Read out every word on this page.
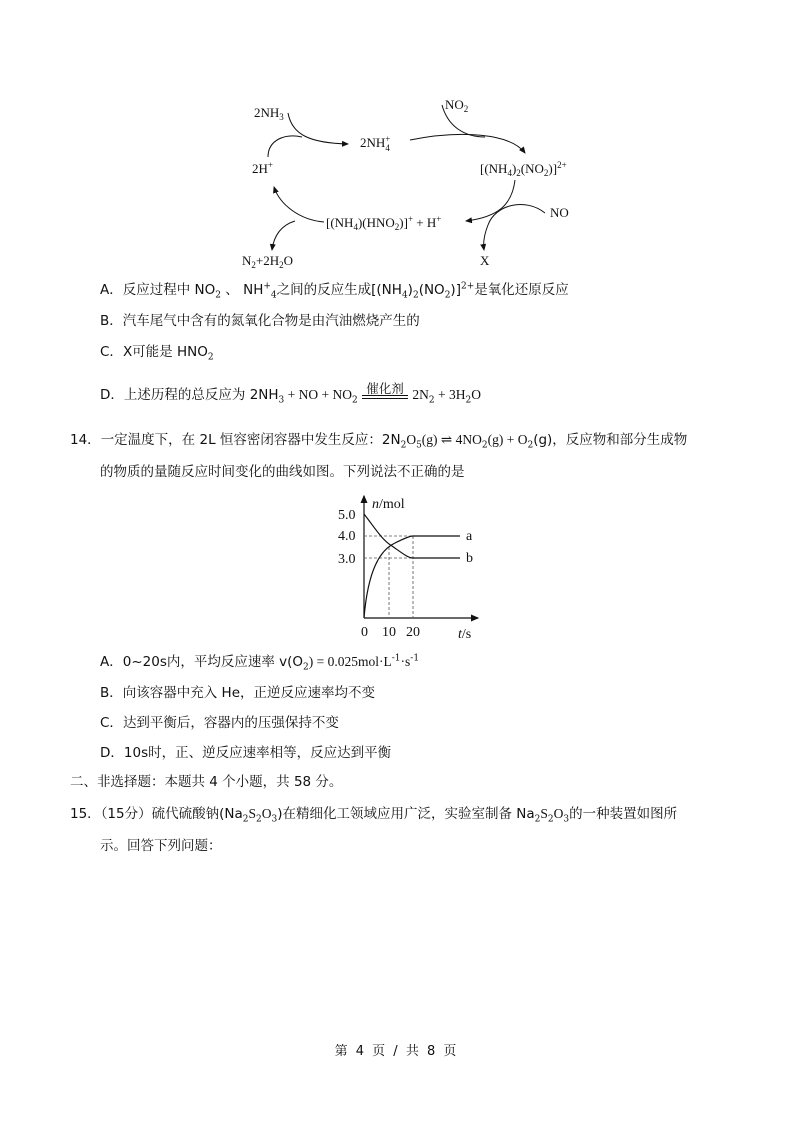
$2NH_3$
2NH+ 4
$NO_2$
$[(NH_4)_2(NO_2)]^{2+}$
2H+
NO
$[(NH_4)(HNO_2)]^+ + H^+$
$N_2+2H_2O$	X
A．反应过程中 $NO_2$ 、 $NH^+_4$之间的反应生成$[(NH_4)_2(NO_2)]^{2+}$是氧化还原反应
B．汽车尾气中含有的氮氧化合物是由汽油燃烧产生的
C．X可能是 $HNO_2$
D．上述历程的总反应为 $2NH_3$ + NO + $NO_2$
催化剂 $2N_2 + 3H_2O$
14．一定温度下，在 2L 恒容密闭容器中发生反应：$2N_2O_5(g)$ ⇌ $4NO_2(g) + O_2(g)$，反应物和部分生成物
的物质的量随反应时间变化的曲线如图。下列说法不正确的是
n/mol
t/s
5.0
4.0
3.0
0 10 20
a
b
A．0~20s内，平均反应速率 $v(O_2) = 0.025mol\cdot L^{-1}\cdot s^{-1}$
B．向该容器中充入 He，正逆反应速率均不变
C．达到平衡后，容器内的压强保持不变
D．10s时，正、逆反应速率相等，反应达到平衡
二、非选择题：本题共 4 个小题，共 58 分。
15．（15分）硫代硫酸钠$(Na_2S_2O_3)$在精细化工领域应用广泛，实验室制备 $Na_2S_2O_3$的一种装置如图所
示。回答下列问题：
第 4 页 / 共 8 页
